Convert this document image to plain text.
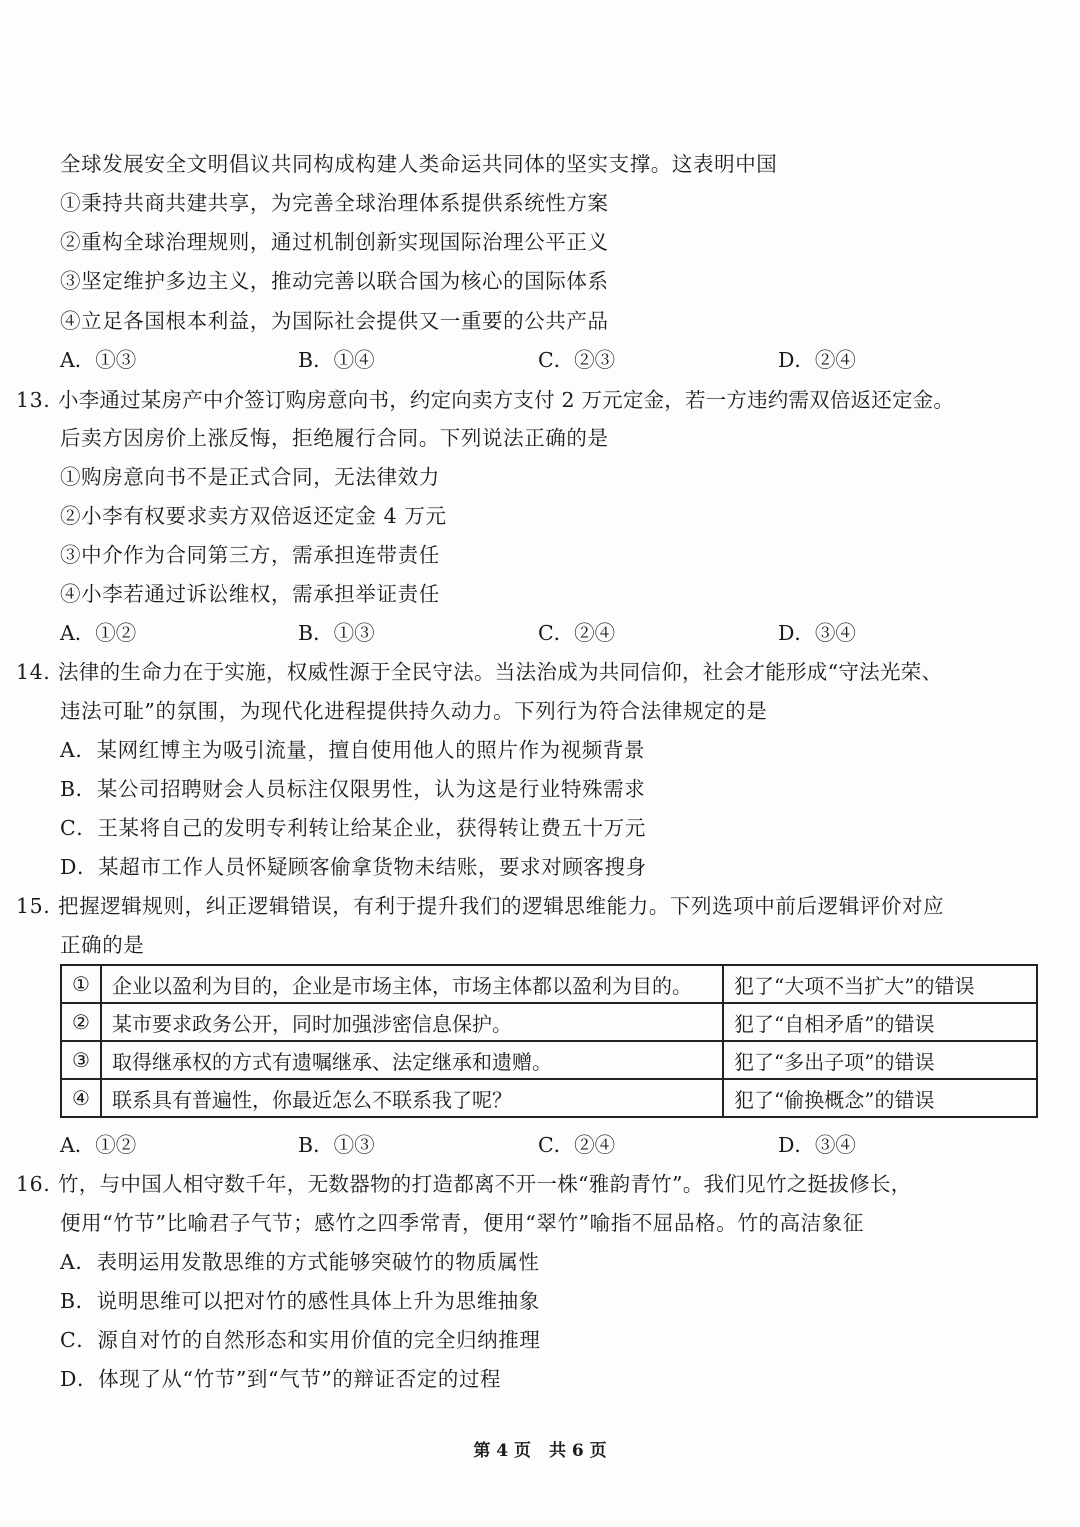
全球发展安全文明倡议共同构成构建人类命运共同体的坚实支撑。这表明中国
①秉持共商共建共享，为完善全球治理体系提供系统性方案
②重构全球治理规则，通过机制创新实现国际治理公平正义
③坚定维护多边主义，推动完善以联合国为核心的国际体系
④立足各国根本利益，为国际社会提供又一重要的公共产品
A．①③	B．①④	C．②③	D．②④
13. 小李通过某房产中介签订购房意向书，约定向卖方支付 2 万元定金，若一方违约需双倍返还定金。
后卖方因房价上涨反悔，拒绝履行合同。下列说法正确的是
①购房意向书不是正式合同，无法律效力
②小李有权要求卖方双倍返还定金 4 万元
③中介作为合同第三方，需承担连带责任
④小李若通过诉讼维权，需承担举证责任
A．①②	B．①③	C．②④	D．③④
14. 法律的生命力在于实施，权威性源于全民守法。当法治成为共同信仰，社会才能形成“守法光荣、
违法可耻”的氛围，为现代化进程提供持久动力。下列行为符合法律规定的是
A．某网红博主为吸引流量，擅自使用他人的照片作为视频背景
B．某公司招聘财会人员标注仅限男性，认为这是行业特殊需求
C．王某将自己的发明专利转让给某企业，获得转让费五十万元
D．某超市工作人员怀疑顾客偷拿货物未结账，要求对顾客搜身
15. 把握逻辑规则，纠正逻辑错误，有利于提升我们的逻辑思维能力。下列选项中前后逻辑评价对应
正确的是
①	企业以盈利为目的，企业是市场主体，市场主体都以盈利为目的。	犯了“大项不当扩大”的错误
②	某市要求政务公开，同时加强涉密信息保护。	犯了“自相矛盾”的错误
③	取得继承权的方式有遗嘱继承、法定继承和遗赠。	犯了“多出子项”的错误
④	联系具有普遍性，你最近怎么不联系我了呢？	犯了“偷换概念”的错误
A．①②	B．①③	C．②④	D．③④
16. 竹，与中国人相守数千年，无数器物的打造都离不开一株“雅韵青竹”。我们见竹之挺拔修长，
便用“竹节”比喻君子气节；感竹之四季常青，便用“翠竹”喻指不屈品格。竹的高洁象征
A．表明运用发散思维的方式能够突破竹的物质属性
B．说明思维可以把对竹的感性具体上升为思维抽象
C．源自对竹的自然形态和实用价值的完全归纳推理
D．体现了从“竹节”到“气节”的辩证否定的过程
第 4 页 共 6 页
